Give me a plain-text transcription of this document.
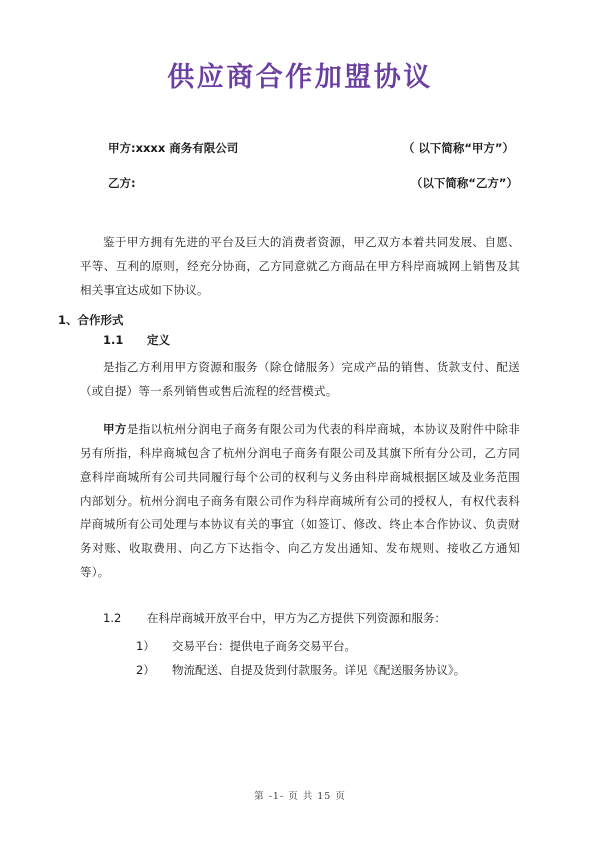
供应商合作加盟协议
甲方:xxxx 商务有限公司	（ 以下简称“甲方”）
乙方:	（以下简称“乙方”）

鉴于甲方拥有先进的平台及巨大的消费者资源，甲乙双方本着共同发展、自愿、平等、互利的原则，经充分协商，乙方同意就乙方商品在甲方科岸商城网上销售及其相关事宜达成如下协议。

1、合作形式

1.1	定义

是指乙方利用甲方资源和服务（除仓储服务）完成产品的销售、货款支付、配送（或自提）等一系列销售或售后流程的经营模式。

甲方是指以杭州分润电子商务有限公司为代表的科岸商城，本协议及附件中除非另有所指，科岸商城包含了杭州分润电子商务有限公司及其旗下所有分公司，乙方同意科岸商城所有公司共同履行每个公司的权利与义务由科岸商城根据区域及业务范围内部划分。杭州分润电子商务有限公司作为科岸商城所有公司的授权人，有权代表科岸商城所有公司处理与本协议有关的事宜（如签订、修改、终止本合作协议、负责财务对账、收取费用、向乙方下达指令、向乙方发出通知、发布规则、接收乙方通知等）。

1.2	在科岸商城开放平台中，甲方为乙方提供下列资源和服务：
1）	交易平台：提供电子商务交易平台。
2）	物流配送、自提及货到付款服务。详见《配送服务协议》。
第 -1- 页 共 15 页
